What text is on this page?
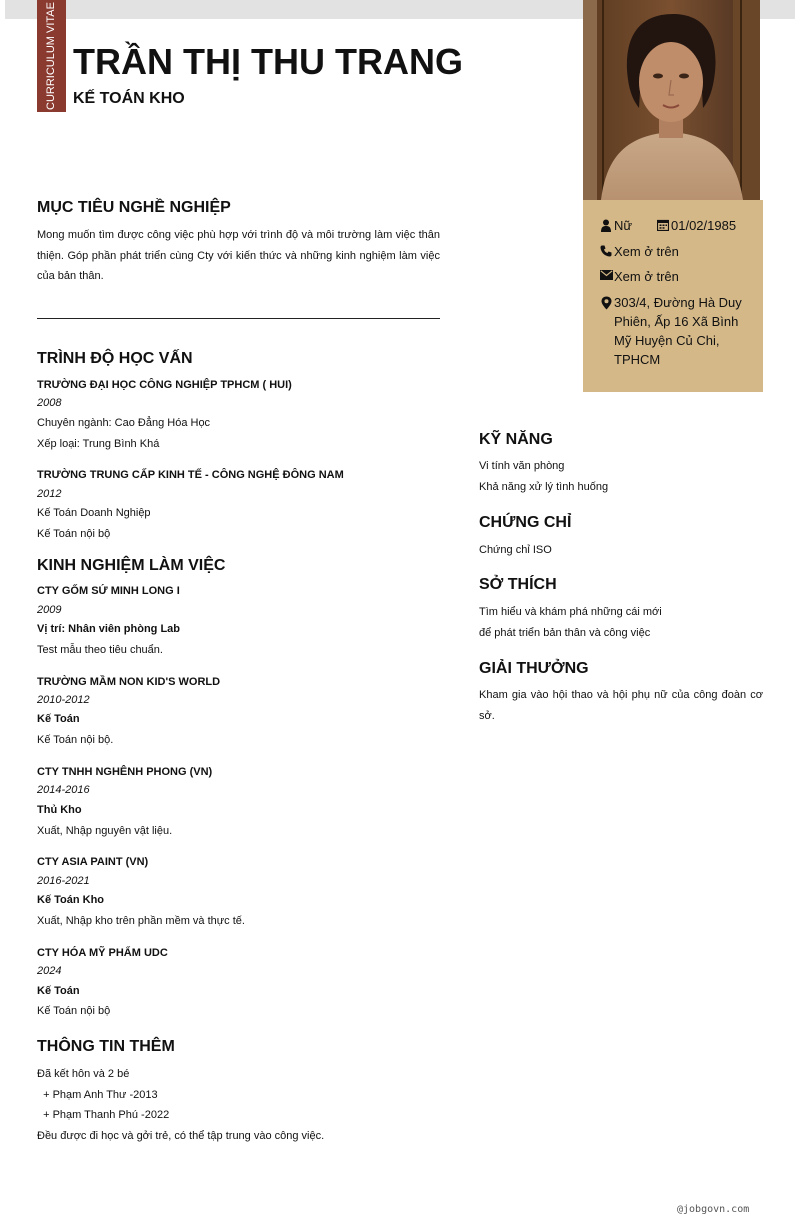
CURRICULUM VITAE TRẦN THỊ THU TRANG
KẾ TOÁN KHO
Nữ	01/02/1985
Xem ở trên
Xem ở trên
303/4, Đường Hà Duy Phiên, Ấp 16 Xã Bình Mỹ Huyện Củ Chi, TPHCM
MỤC TIÊU NGHỀ NGHIỆP
Mong muốn tìm được công việc phù hợp với trình độ và môi trường làm việc thân thiện. Góp phần phát triển cùng Cty với kiến thức và những kinh nghiệm làm việc của bản thân.
TRÌNH ĐỘ HỌC VẤN
TRƯỜNG ĐẠI HỌC CÔNG NGHIỆP TPHCM ( HUI)
2008
Chuyên ngành: Cao Đẳng Hóa Học
Xếp loại: Trung Bình Khá
TRƯỜNG TRUNG CẤP KINH TẾ - CÔNG NGHỆ ĐÔNG NAM
2012
Kế Toán Doanh Nghiệp
Kế Toán nội bộ
KINH NGHIỆM LÀM VIỆC
CTY GỐM SỨ MINH LONG I
2009
Vị trí: Nhân viên phòng Lab
Test mẫu theo tiêu chuẩn.
TRƯỜNG MẦM NON KID'S WORLD
2010-2012
Kế Toán
Kế Toán nội bộ.
CTY TNHH NGHÊNH PHONG (VN)
2014-2016
Thủ Kho
Xuất, Nhập nguyên vật liệu.
CTY ASIA PAINT (VN)
2016-2021
Kế Toán Kho
Xuất, Nhập kho trên phần mềm và thực tế.
CTY HÓA MỸ PHẨM UDC
2024
Kế Toán
Kế Toán nội bộ
THÔNG TIN THÊM
Đã kết hôn và 2 bé
+ Phạm Anh Thư -2013
+ Phạm Thanh Phú -2022
Đều được đi học và gởi trẻ, có thể tập trung vào công việc.
KỸ NĂNG
Vi tính văn phòng
Khả năng xử lý tình huống
CHỨNG CHỈ
Chứng chỉ ISO
SỞ THÍCH
Tìm hiểu và khám phá những cái mới
để phát triển bản thân và công việc
GIẢI THƯỞNG
Kham gia vào hội thao và hội phụ nữ của công đoàn cơ sở.
@jobgovn.com
